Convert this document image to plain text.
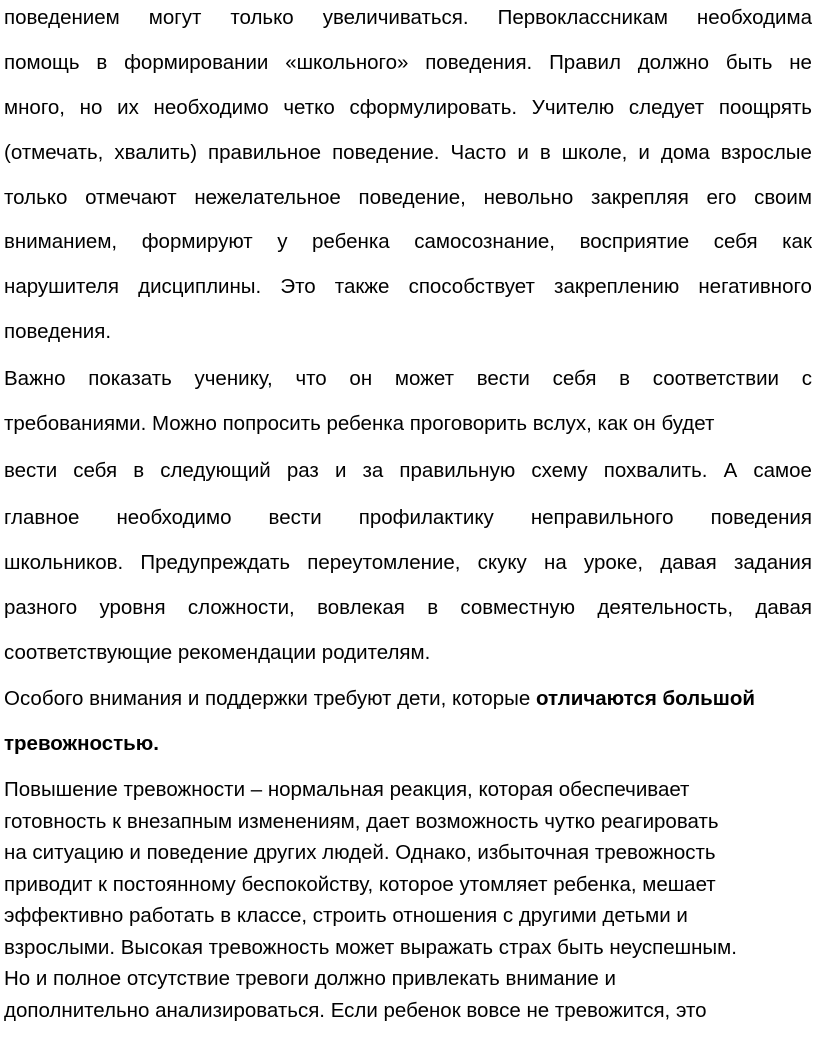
поведением могут только увеличиваться. Первоклассникам необходима
помощь в формировании «школьного» поведения. Правил должно быть не
много, но их необходимо четко сформулировать. Учителю следует поощрять
(отмечать, хвалить) правильное поведение. Часто и в школе, и дома взрослые
только отмечают нежелательное поведение, невольно закрепляя его своим
вниманием, формируют у ребенка самосознание, восприятие себя как
нарушителя дисциплины. Это также способствует закреплению негативного
поведения.
Важно показать ученику, что он может вести себя в соответствии с
требованиями. Можно попросить ребенка проговорить вслух, как он будет
вести себя в следующий раз и за правильную схему похвалить. А самое
главное необходимо вести профилактику неправильного поведения
школьников. Предупреждать переутомление, скуку на уроке, давая задания
разного уровня сложности, вовлекая в совместную деятельность, давая
соответствующие рекомендации родителям.
Особого внимания и поддержки требуют дети, которые отличаются большой
тревожностью.
Повышение тревожности – нормальная реакция, которая обеспечивает
готовность к внезапным изменениям, дает возможность чутко реагировать
на ситуацию и поведение других людей. Однако, избыточная тревожность
приводит к постоянному беспокойству, которое утомляет ребенка, мешает
эффективно работать в классе, строить отношения с другими детьми и
взрослыми. Высокая тревожность может выражать страх быть неуспешным.
Но и полное отсутствие тревоги должно привлекать внимание и
дополнительно анализироваться. Если ребенок вовсе не тревожится, это
